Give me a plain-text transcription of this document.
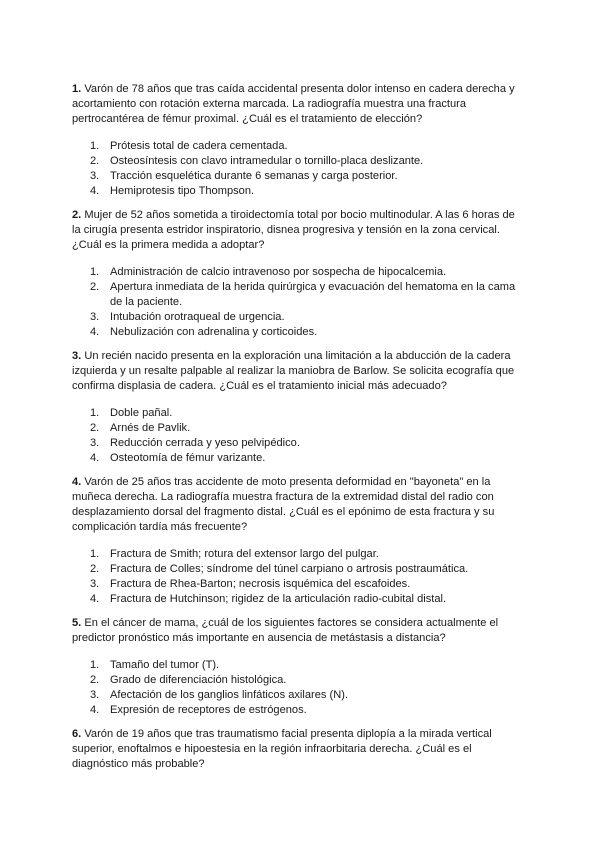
1. Varón de 78 años que tras caída accidental presenta dolor intenso en cadera derecha y acortamiento con rotación externa marcada. La radiografía muestra una fractura pertrocantérea de fémur proximal. ¿Cuál es el tratamiento de elección?

1. Prótesis total de cadera cementada.
2. Osteosíntesis con clavo intramedular o tornillo-placa deslizante.
3. Tracción esquelética durante 6 semanas y carga posterior.
4. Hemiprotesis tipo Thompson.

2. Mujer de 52 años sometida a tiroidectomía total por bocio multinodular. A las 6 horas de la cirugía presenta estridor inspiratorio, disnea progresiva y tensión en la zona cervical. ¿Cuál es la primera medida a adoptar?

1. Administración de calcio intravenoso por sospecha de hipocalcemia.
2. Apertura inmediata de la herida quirúrgica y evacuación del hematoma en la cama de la paciente.
3. Intubación orotraqueal de urgencia.
4. Nebulización con adrenalina y corticoides.

3. Un recién nacido presenta en la exploración una limitación a la abducción de la cadera izquierda y un resalte palpable al realizar la maniobra de Barlow. Se solicita ecografía que confirma displasia de cadera. ¿Cuál es el tratamiento inicial más adecuado?

1. Doble pañal.
2. Arnés de Pavlik.
3. Reducción cerrada y yeso pelvipédico.
4. Osteotomía de fémur varizante.

4. Varón de 25 años tras accidente de moto presenta deformidad en "bayoneta" en la muñeca derecha. La radiografía muestra fractura de la extremidad distal del radio con desplazamiento dorsal del fragmento distal. ¿Cuál es el epónimo de esta fractura y su complicación tardía más frecuente?

1. Fractura de Smith; rotura del extensor largo del pulgar.
2. Fractura de Colles; síndrome del túnel carpiano o artrosis postraumática.
3. Fractura de Rhea-Barton; necrosis isquémica del escafoides.
4. Fractura de Hutchinson; rigidez de la articulación radio-cubital distal.

5. En el cáncer de mama, ¿cuál de los siguientes factores se considera actualmente el predictor pronóstico más importante en ausencia de metástasis a distancia?

1. Tamaño del tumor (T).
2. Grado de diferenciación histológica.
3. Afectación de los ganglios linfáticos axilares (N).
4. Expresión de receptores de estrógenos.

6. Varón de 19 años que tras traumatismo facial presenta diplopía a la mirada vertical superior, enoftalmos e hipoestesia en la región infraorbitaria derecha. ¿Cuál es el diagnóstico más probable?
